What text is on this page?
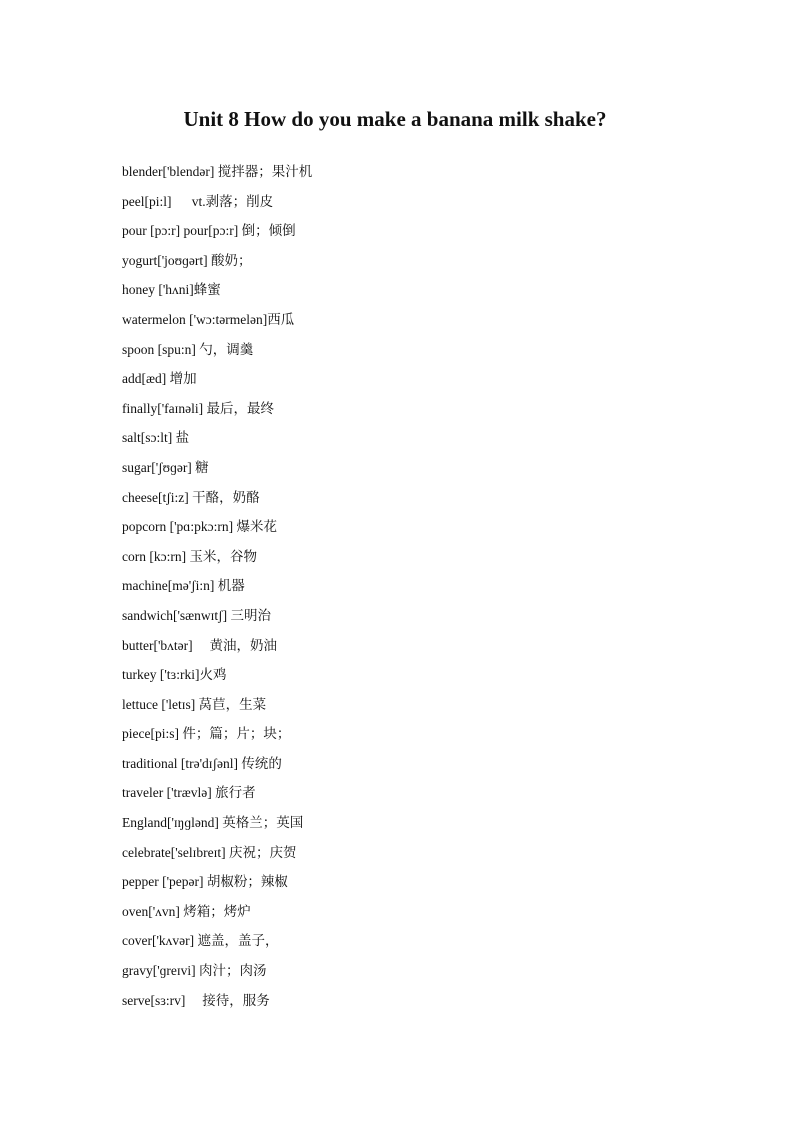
Unit 8 How do you make a banana milk shake?
blender['blendər] 搅拌器；果汁机
peel[pi:l]      vt.剥落；削皮
pour [pɔ:r] pour[pɔ:r] 倒；倾倒
yogurt['joʊɡərt] 酸奶；
honey ['hʌni]蜂蜜
watermelon ['wɔ:tərmelən]西瓜
spoon [spu:n] 勺，调羹
add[æd] 增加
finally['faɪnəli] 最后，最终
salt[sɔ:lt] 盐
sugar['ʃʊɡər] 糖
cheese[tʃi:z] 干酪，奶酪
popcorn ['pɑ:pkɔ:rn] 爆米花
corn [kɔ:rn] 玉米，谷物
machine[mə'ʃi:n] 机器
sandwich['sænwɪtʃ] 三明治
butter['bʌtər]     黄油，奶油
turkey ['tɜ:rki]火鸡
lettuce ['letɪs] 莴苣，生菜
piece[pi:s] 件；篇；片；块；
traditional [trə'dɪʃənl] 传统的
traveler ['trævlə] 旅行者
England['ɪŋɡlənd] 英格兰；英国
celebrate['selɪbreɪt] 庆祝；庆贺
pepper ['pepər] 胡椒粉；辣椒
oven['ʌvn] 烤箱；烤炉
cover['kʌvər] 遮盖，盖子，
gravy['ɡreɪvi] 肉汁；肉汤
serve[sɜ:rv]     接待，服务
